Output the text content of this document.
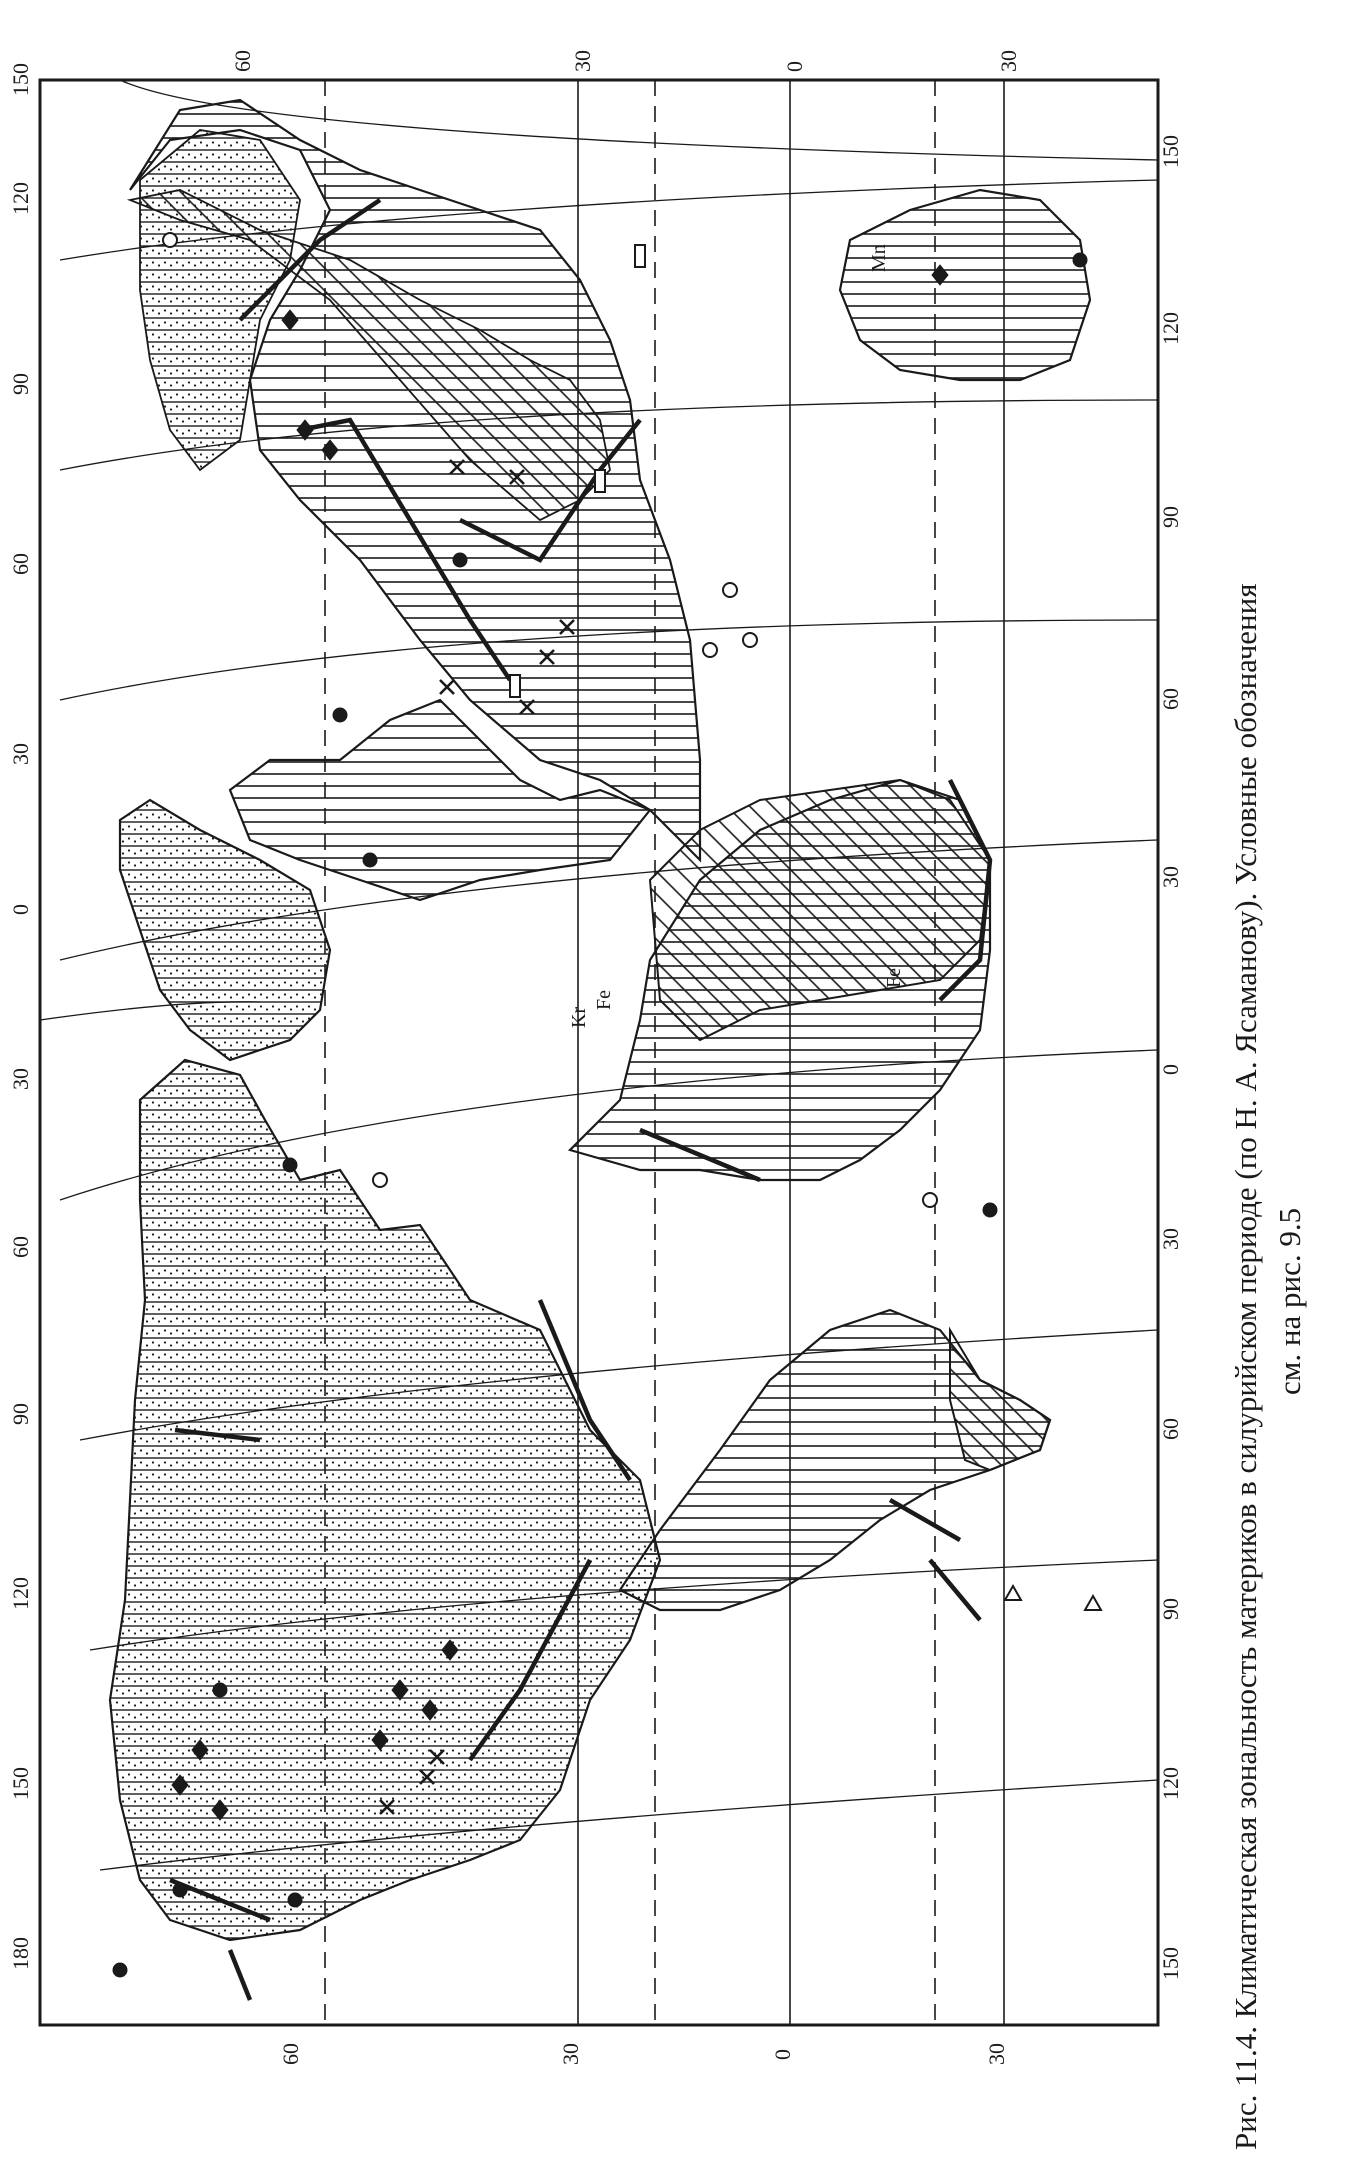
60	30	0	30
60	30	0	30
180
150
120
90
60
30
0
30
60
90
120
150
150
120
90
60
30
0
30
60
90
120
150
Kr
Fe
Fe
Mn
Рис. 11.4. Климатическая зональность материков в силурийском периоде (по Н. А. Ясаманову). Условные обозначения см. на рис. 9.5
